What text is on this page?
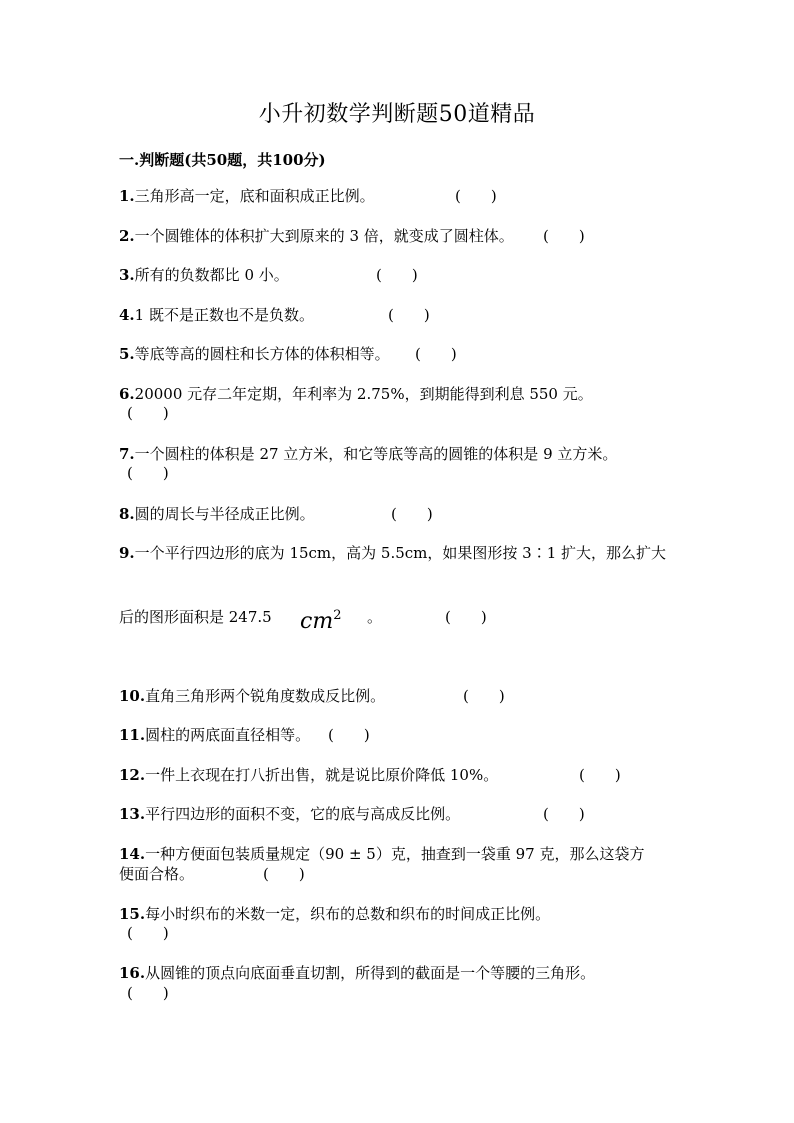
小升初数学判断题50道精品
一.判断题(共50题，共100分)
1.三角形高一定，底和面积成正比例。	(　　)
2.一个圆锥体的体积扩大到原来的 3 倍，就变成了圆柱体。 (　　)
3.所有的负数都比 0 小。	(　　)
4.1 既不是正数也不是负数。	(　　)
5.等底等高的圆柱和长方体的体积相等。 (　　)
6.20000 元存二年定期，年利率为 2.75%，到期能得到利息 550 元。
(　　)
7.一个圆柱的体积是 27 立方米，和它等底等高的圆锥的体积是 9 立方米。
(　　)
8.圆的周长与半径成正比例。	(　　)
9.一个平行四边形的底为 15cm，高为 5.5cm，如果图形按 3∶1 扩大，那么扩大
后的图形面积是 247.5 $cm^2$ 。	(　　)
10.直角三角形两个锐角度数成反比例。	(　　)
11.圆柱的两底面直径相等。 (　　)
12.一件上衣现在打八折出售，就是说比原价降低 10%。	(　　)
13.平行四边形的面积不变，它的底与高成反比例。	(　　)
14.一种方便面包装质量规定（90 ± 5）克，抽查到一袋重 97 克，那么这袋方
便面合格。	(　　)
15.每小时织布的米数一定，织布的总数和织布的时间成正比例。
(　　)
16.从圆锥的顶点向底面垂直切割，所得到的截面是一个等腰的三角形。
(　　)
